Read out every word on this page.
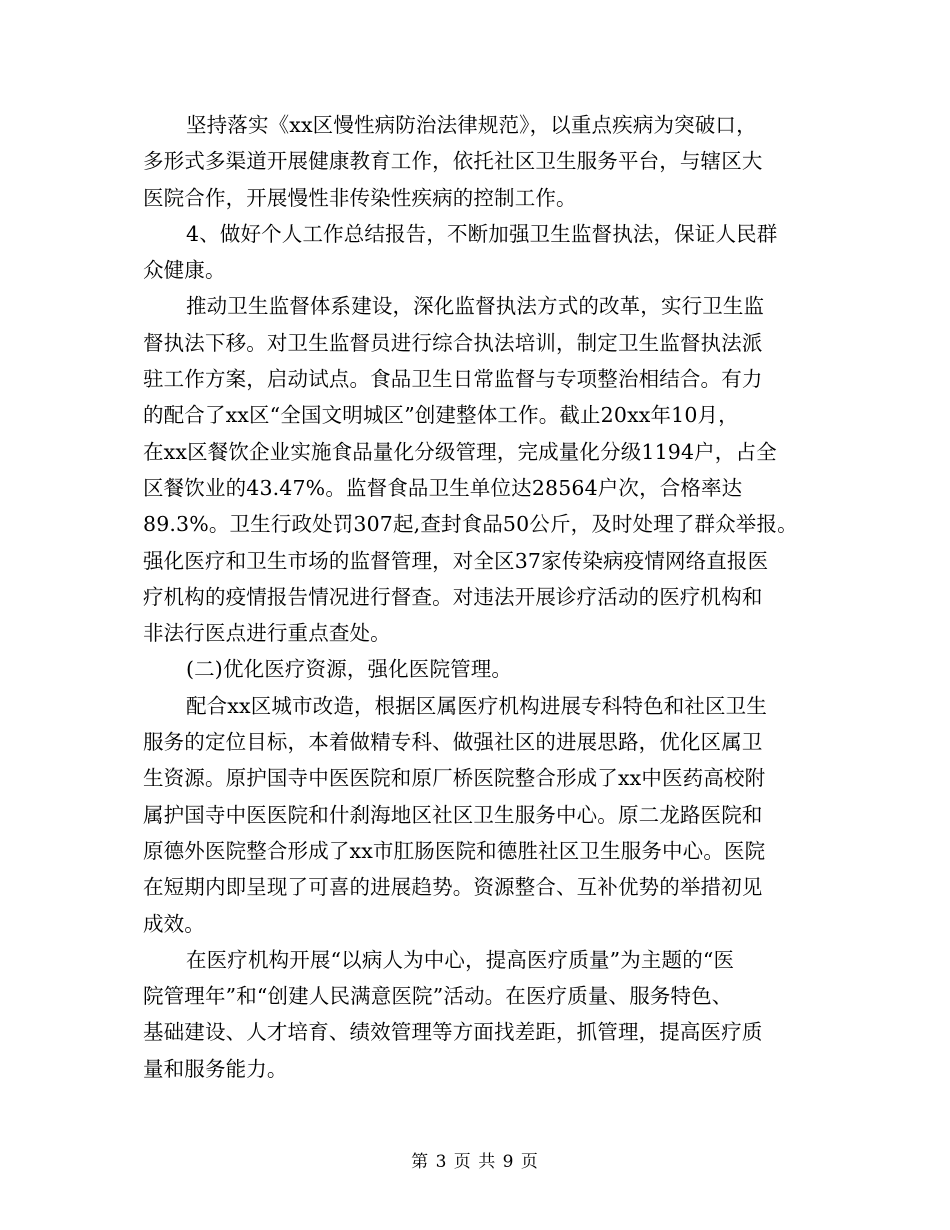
坚持落实《xx区慢性病防治法律规范》，以重点疾病为突破口，
多形式多渠道开展健康教育工作，依托社区卫生服务平台，与辖区大
医院合作，开展慢性非传染性疾病的控制工作。
4、做好个人工作总结报告，不断加强卫生监督执法，保证人民群
众健康。
推动卫生监督体系建设，深化监督执法方式的改革，实行卫生监
督执法下移。对卫生监督员进行综合执法培训，制定卫生监督执法派
驻工作方案，启动试点。食品卫生日常监督与专项整治相结合。有力
的配合了xx区“全国文明城区”创建整体工作。截止20xx年10月，
在xx区餐饮企业实施食品量化分级管理，完成量化分级1194户，占全
区餐饮业的43.47%。监督食品卫生单位达28564户次，合格率达
89.3%。卫生行政处罚307起,查封食品50公斤，及时处理了群众举报。
强化医疗和卫生市场的监督管理，对全区37家传染病疫情网络直报医
疗机构的疫情报告情况进行督查。对违法开展诊疗活动的医疗机构和
非法行医点进行重点查处。
(二)优化医疗资源，强化医院管理。
配合xx区城市改造，根据区属医疗机构进展专科特色和社区卫生
服务的定位目标，本着做精专科、做强社区的进展思路，优化区属卫
生资源。原护国寺中医医院和原厂桥医院整合形成了xx中医药高校附
属护国寺中医医院和什刹海地区社区卫生服务中心。原二龙路医院和
原德外医院整合形成了xx市肛肠医院和德胜社区卫生服务中心。医院
在短期内即呈现了可喜的进展趋势。资源整合、互补优势的举措初见
成效。
在医疗机构开展“以病人为中心，提高医疗质量”为主题的“医
院管理年”和“创建人民满意医院”活动。在医疗质量、服务特色、
基础建设、人才培育、绩效管理等方面找差距，抓管理，提高医疗质
量和服务能力。
第 3 页 共 9 页
